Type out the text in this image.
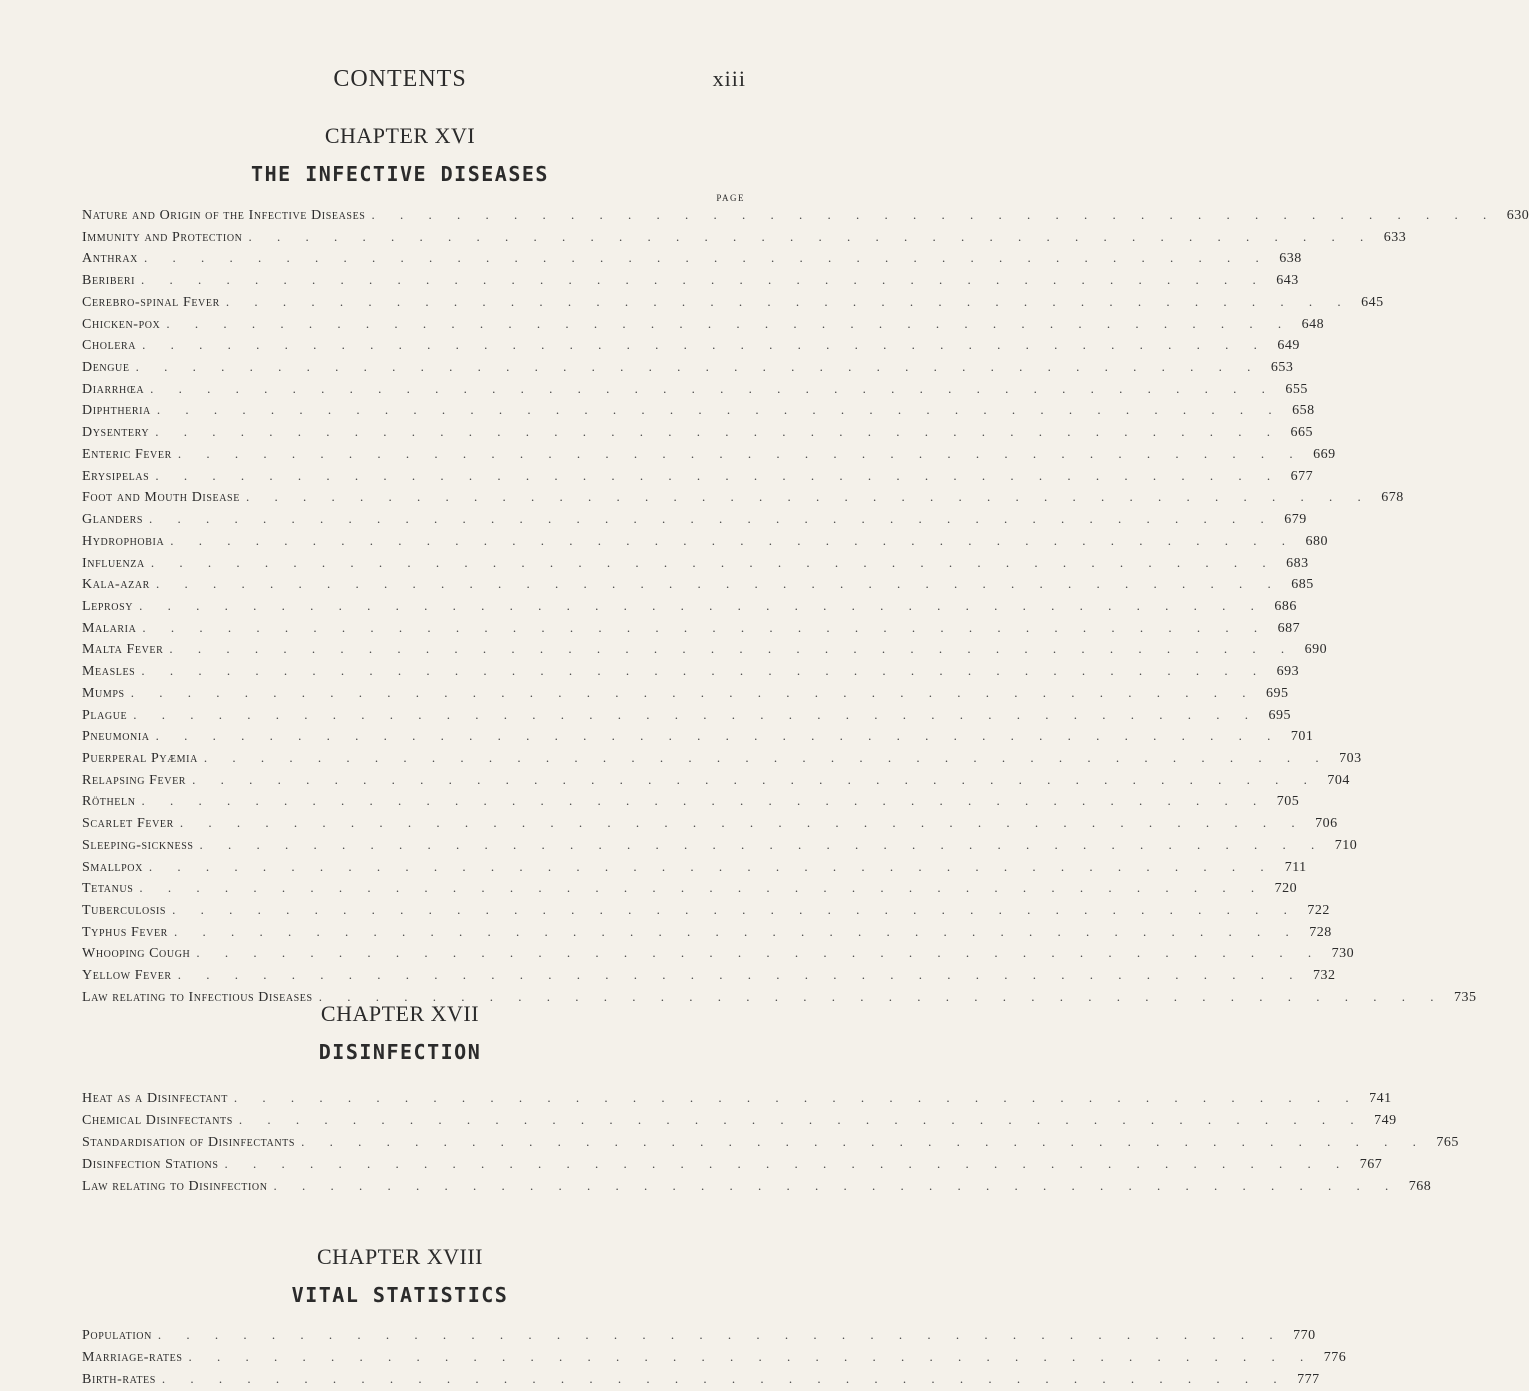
CONTENTS	xiii
CHAPTER XVI
THE INFECTIVE DISEASES
PAGE
Nature and Origin of the Infective Diseases . . . . . . . . . . . . . . . . . . . . . . . . . . . . . . . . . . . . . . . . 630
Immunity and Protection . . . . . . . . . . . . . . . . . . . . . . . . . . . . . . . . . . . . . . . . 633
Anthrax . . . . . . . . . . . . . . . . . . . . . . . . . . . . . . . . . . . . . . . . 638
Beriberi . . . . . . . . . . . . . . . . . . . . . . . . . . . . . . . . . . . . . . . . 643
Cerebro-spinal Fever . . . . . . . . . . . . . . . . . . . . . . . . . . . . . . . . . . . . . . . . 645
Chicken-pox . . . . . . . . . . . . . . . . . . . . . . . . . . . . . . . . . . . . . . . . 648
Cholera . . . . . . . . . . . . . . . . . . . . . . . . . . . . . . . . . . . . . . . . 649
Dengue . . . . . . . . . . . . . . . . . . . . . . . . . . . . . . . . . . . . . . . . 653
Diarrhœa . . . . . . . . . . . . . . . . . . . . . . . . . . . . . . . . . . . . . . . . 655
Diphtheria . . . . . . . . . . . . . . . . . . . . . . . . . . . . . . . . . . . . . . . . 658
Dysentery . . . . . . . . . . . . . . . . . . . . . . . . . . . . . . . . . . . . . . . . 665
Enteric Fever . . . . . . . . . . . . . . . . . . . . . . . . . . . . . . . . . . . . . . . . 669
Erysipelas . . . . . . . . . . . . . . . . . . . . . . . . . . . . . . . . . . . . . . . . 677
Foot and Mouth Disease . . . . . . . . . . . . . . . . . . . . . . . . . . . . . . . . . . . . . . . . 678
Glanders . . . . . . . . . . . . . . . . . . . . . . . . . . . . . . . . . . . . . . . . 679
Hydrophobia . . . . . . . . . . . . . . . . . . . . . . . . . . . . . . . . . . . . . . . . 680
Influenza . . . . . . . . . . . . . . . . . . . . . . . . . . . . . . . . . . . . . . . . 683
Kala-azar . . . . . . . . . . . . . . . . . . . . . . . . . . . . . . . . . . . . . . . . 685
Leprosy . . . . . . . . . . . . . . . . . . . . . . . . . . . . . . . . . . . . . . . . 686
Malaria . . . . . . . . . . . . . . . . . . . . . . . . . . . . . . . . . . . . . . . . 687
Malta Fever . . . . . . . . . . . . . . . . . . . . . . . . . . . . . . . . . . . . . . . . 690
Measles . . . . . . . . . . . . . . . . . . . . . . . . . . . . . . . . . . . . . . . . 693
Mumps . . . . . . . . . . . . . . . . . . . . . . . . . . . . . . . . . . . . . . . . 695
Plague . . . . . . . . . . . . . . . . . . . . . . . . . . . . . . . . . . . . . . . . 695
Pneumonia . . . . . . . . . . . . . . . . . . . . . . . . . . . . . . . . . . . . . . . . 701
Puerperal Pyæmia . . . . . . . . . . . . . . . . . . . . . . . . . . . . . . . . . . . . . . . . 703
Relapsing Fever . . . . . . . . . . . . . . . . . . . . . . . . . . . . . . . . . . . . . . . . 704
Rötheln . . . . . . . . . . . . . . . . . . . . . . . . . . . . . . . . . . . . . . . . 705
Scarlet Fever . . . . . . . . . . . . . . . . . . . . . . . . . . . . . . . . . . . . . . . . 706
Sleeping-sickness . . . . . . . . . . . . . . . . . . . . . . . . . . . . . . . . . . . . . . . . 710
Smallpox . . . . . . . . . . . . . . . . . . . . . . . . . . . . . . . . . . . . . . . . 711
Tetanus . . . . . . . . . . . . . . . . . . . . . . . . . . . . . . . . . . . . . . . . 720
Tuberculosis . . . . . . . . . . . . . . . . . . . . . . . . . . . . . . . . . . . . . . . . 722
Typhus Fever . . . . . . . . . . . . . . . . . . . . . . . . . . . . . . . . . . . . . . . . 728
Whooping Cough . . . . . . . . . . . . . . . . . . . . . . . . . . . . . . . . . . . . . . . . 730
Yellow Fever . . . . . . . . . . . . . . . . . . . . . . . . . . . . . . . . . . . . . . . . 732
Law relating to Infectious Diseases . . . . . . . . . . . . . . . . . . . . . . . . . . . . . . . . . . . . . . . . 735
CHAPTER XVII
DISINFECTION
Heat as a Disinfectant . . . . . . . . . . . . . . . . . . . . . . . . . . . . . . . . . . . . . . . . 741
Chemical Disinfectants . . . . . . . . . . . . . . . . . . . . . . . . . . . . . . . . . . . . . . . . 749
Standardisation of Disinfectants . . . . . . . . . . . . . . . . . . . . . . . . . . . . . . . . . . . . . . . . 765
Disinfection Stations . . . . . . . . . . . . . . . . . . . . . . . . . . . . . . . . . . . . . . . . 767
Law relating to Disinfection . . . . . . . . . . . . . . . . . . . . . . . . . . . . . . . . . . . . . . . . 768
CHAPTER XVIII
VITAL STATISTICS
Population . . . . . . . . . . . . . . . . . . . . . . . . . . . . . . . . . . . . . . . . 770
Marriage-rates . . . . . . . . . . . . . . . . . . . . . . . . . . . . . . . . . . . . . . . . 776
Birth-rates . . . . . . . . . . . . . . . . . . . . . . . . . . . . . . . . . . . . . . . . 777
